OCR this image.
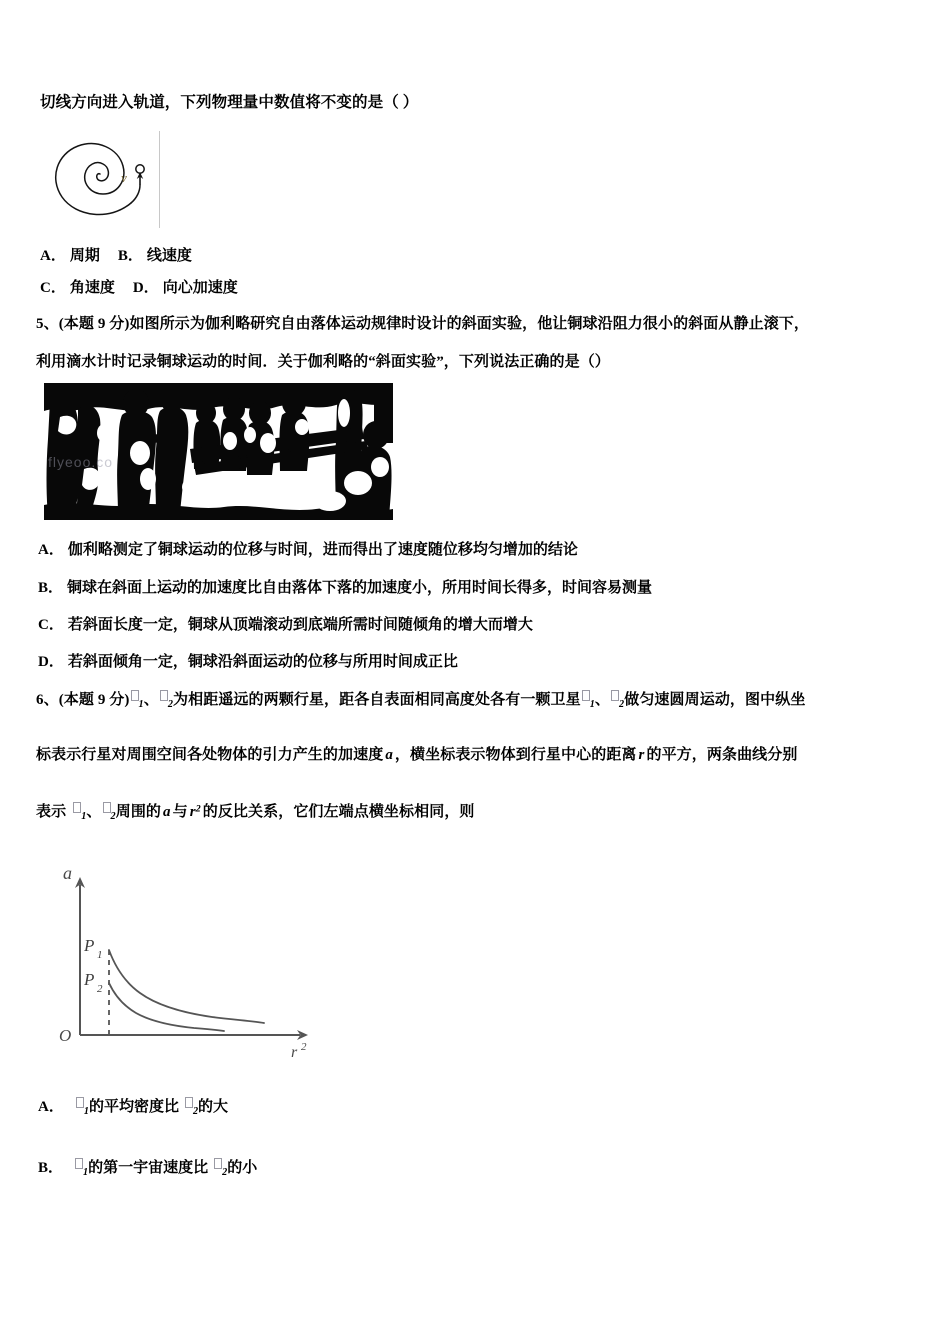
切线方向进入轨道，下列物理量中数值将不变的是（ ）
v
A． 周期 B． 线速度
C． 角速度 D． 向心加速度
5、(本题 9 分)如图所示为伽利略研究自由落体运动规律时设计的斜面实验，他让铜球沿阻力很小的斜面从静止滚下，
利用滴水计时记录铜球运动的时间．关于伽利略的“斜面实验”，下列说法正确的是（）
flyeoo.co
A． 伽利略测定了铜球运动的位移与时间，进而得出了速度随位移均匀增加的结论
B． 铜球在斜面上运动的加速度比自由落体下落的加速度小，所用时间长得多，时间容易测量
C． 若斜面长度一定，铜球从顶端滚动到底端所需时间随倾角的增大而增大
D． 若斜面倾角一定，铜球沿斜面运动的位移与所用时间成正比
6、(本题 9 分) $_1$、 $_2$为相距遥远的两颗行星，距各自表面相同高度处各有一颗卫星 $_1$、 $_2$做匀速圆周运动，图中纵坐
标表示行星对周围空间各处物体的引力产生的加速度 a ，横坐标表示物体到行星中心的距离 r 的平方，两条曲线分别
表示 $_1$、 $_2$周围的 a 与 $r^2$ 的反比关系，它们左端点横坐标相同，则
a
r 2
O
P 1
P 2
A． $_1$的平均密度比 $_2$的大
B． $_1$的第一宇宙速度比 $_2$的小
